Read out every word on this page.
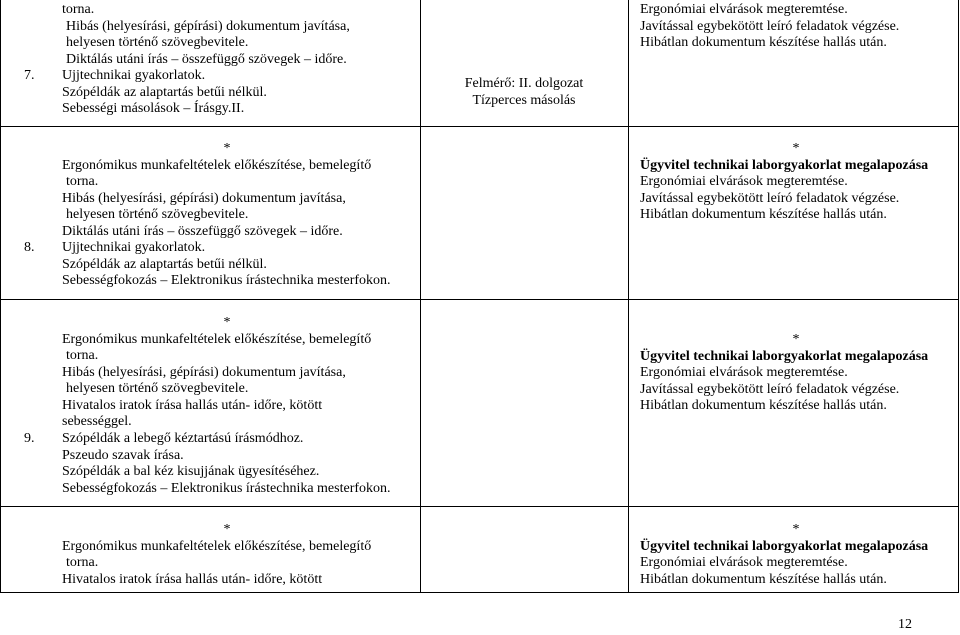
torna.
Hibás (helyesírási, gépírási) dokumentum javítása,
helyesen történő szövegbevitele.
Diktálás utáni írás – összefüggő szövegek – időre.
7. Ujjtechnikai gyakorlatok.
Szópéldák az alaptartás betűi nélkül.
Sebességi másolások – Írásgy.II.
Felmérő: II. dolgozat
Tízperces másolás
Ergonómiai elvárások megteremtése.
Javítással egybekötött leíró feladatok végzése.
Hibátlan dokumentum készítése hallás után.
*
Ergonómikus munkafeltételek előkészítése, bemelegítő
torna.
Hibás (helyesírási, gépírási) dokumentum javítása,
helyesen történő szövegbevitele.
Diktálás utáni írás – összefüggő szövegek – időre.
8. Ujjtechnikai gyakorlatok.
Szópéldák az alaptartás betűi nélkül.
Sebességfokozás – Elektronikus írástechnika mesterfokon.
*
Ügyvitel technikai laborgyakorlat megalapozása
Ergonómiai elvárások megteremtése.
Javítással egybekötött leíró feladatok végzése.
Hibátlan dokumentum készítése hallás után.
*
Ergonómikus munkafeltételek előkészítése, bemelegítő
torna.
Hibás (helyesírási, gépírási) dokumentum javítása,
helyesen történő szövegbevitele.
Hivatalos iratok írása hallás után- időre, kötött
sebességgel.
9. Szópéldák a lebegő kéztartású írásmódhoz.
Pszeudo szavak írása.
Szópéldák a bal kéz kisujjának ügyesítéséhez.
Sebességfokozás – Elektronikus írástechnika mesterfokon.
*
Ügyvitel technikai laborgyakorlat megalapozása
Ergonómiai elvárások megteremtése.
Javítással egybekötött leíró feladatok végzése.
Hibátlan dokumentum készítése hallás után.
*
Ergonómikus munkafeltételek előkészítése, bemelegítő
torna.
Hivatalos iratok írása hallás után- időre, kötött
*
Ügyvitel technikai laborgyakorlat megalapozása
Ergonómiai elvárások megteremtése.
Hibátlan dokumentum készítése hallás után.
12
